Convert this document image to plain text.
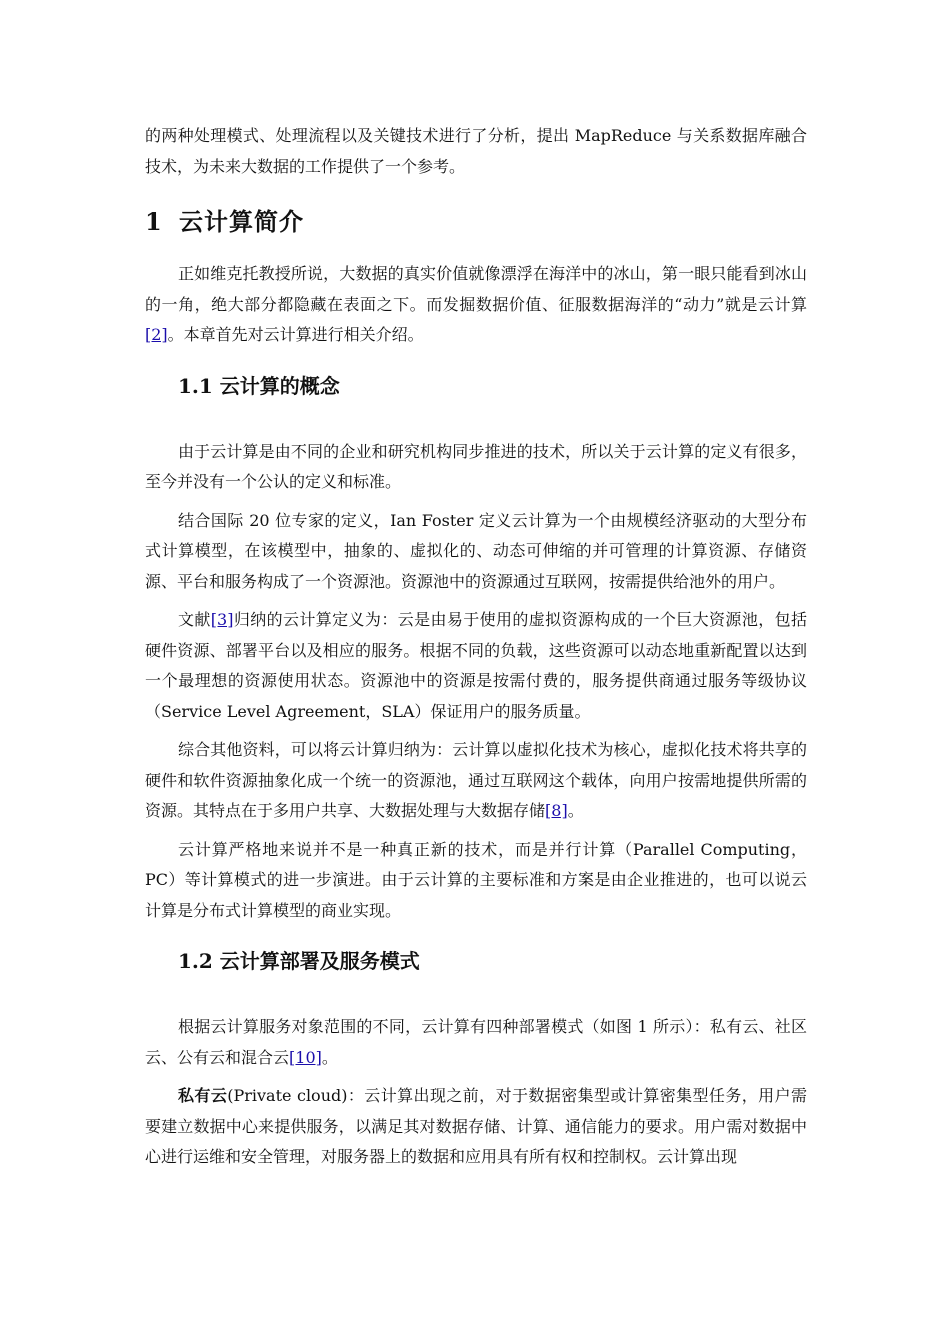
的两种处理模式、处理流程以及关键技术进行了分析，提出 MapReduce 与关系数据库融合技术，为未来大数据的工作提供了一个参考。

1 云计算简介

正如维克托教授所说，大数据的真实价值就像漂浮在海洋中的冰山，第一眼只能看到冰山的一角，绝大部分都隐藏在表面之下。而发掘数据价值、征服数据海洋的“动力”就是云计算[2]。本章首先对云计算进行相关介绍。

1.1 云计算的概念

由于云计算是由不同的企业和研究机构同步推进的技术，所以关于云计算的定义有很多，至今并没有一个公认的定义和标准。

结合国际 20 位专家的定义，Ian Foster 定义云计算为一个由规模经济驱动的大型分布式计算模型，在该模型中，抽象的、虚拟化的、动态可伸缩的并可管理的计算资源、存储资源、平台和服务构成了一个资源池。资源池中的资源通过互联网，按需提供给池外的用户。

文献[3]归纳的云计算定义为：云是由易于使用的虚拟资源构成的一个巨大资源池，包括硬件资源、部署平台以及相应的服务。根据不同的负载，这些资源可以动态地重新配置以达到一个最理想的资源使用状态。资源池中的资源是按需付费的，服务提供商通过服务等级协议（Service Level Agreement，SLA）保证用户的服务质量。

综合其他资料，可以将云计算归纳为：云计算以虚拟化技术为核心，虚拟化技术将共享的硬件和软件资源抽象化成一个统一的资源池，通过互联网这个载体，向用户按需地提供所需的资源。其特点在于多用户共享、大数据处理与大数据存储[8]。

云计算严格地来说并不是一种真正新的技术，而是并行计算（Parallel Computing，PC）等计算模式的进一步演进。由于云计算的主要标准和方案是由企业推进的，也可以说云计算是分布式计算模型的商业实现。

1.2 云计算部署及服务模式

根据云计算服务对象范围的不同，云计算有四种部署模式（如图 1 所示）：私有云、社区云、公有云和混合云[10]。

私有云(Private cloud)：云计算出现之前，对于数据密集型或计算密集型任务，用户需要建立数据中心来提供服务，以满足其对数据存储、计算、通信能力的要求。用户需对数据中心进行运维和安全管理，对服务器上的数据和应用具有所有权和控制权。云计算出现
